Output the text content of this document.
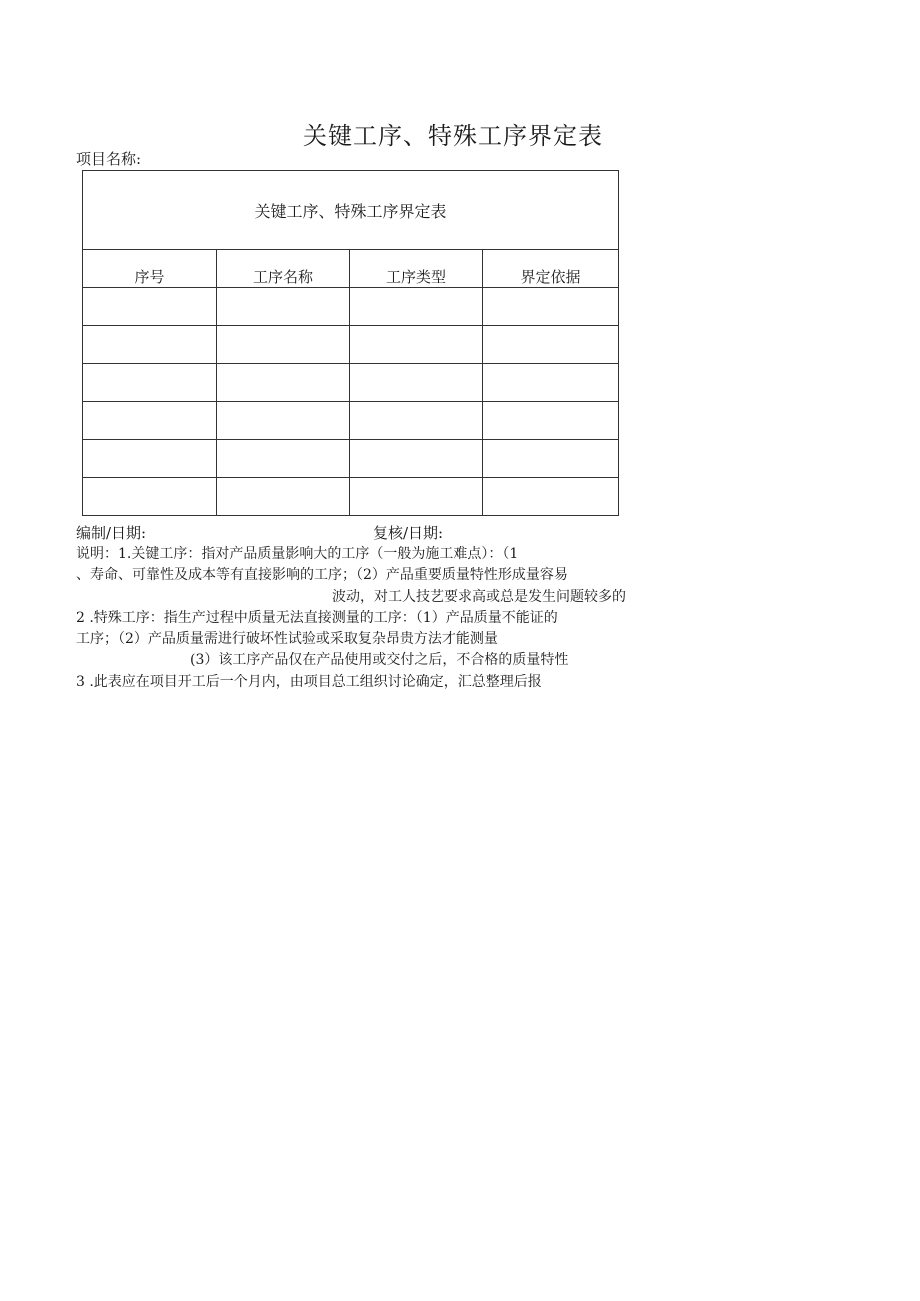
关键工序、特殊工序界定表
项目名称:
关键工序、特殊工序界定表			
序号	工序名称	工序类型	界定依据

编制/日期:	复核/日期:
说明：1.关键工序：指对产品质量影响大的工序（一般为施工难点）：（1
、寿命、可靠性及成本等有直接影响的工序；（2）产品重要质量特性形成量容易
波动，对工人技艺要求高或总是发生问题较多的
2 .特殊工序：指生产过程中质量无法直接测量的工序：（1）产品质量不能证的
工序；（2）产品质量需进行破坏性试验或采取复杂昂贵方法才能测量
(3）该工序产品仅在产品使用或交付之后，不合格的质量特性
3 .此表应在项目开工后一个月内，由项目总工组织讨论确定，汇总整理后报
